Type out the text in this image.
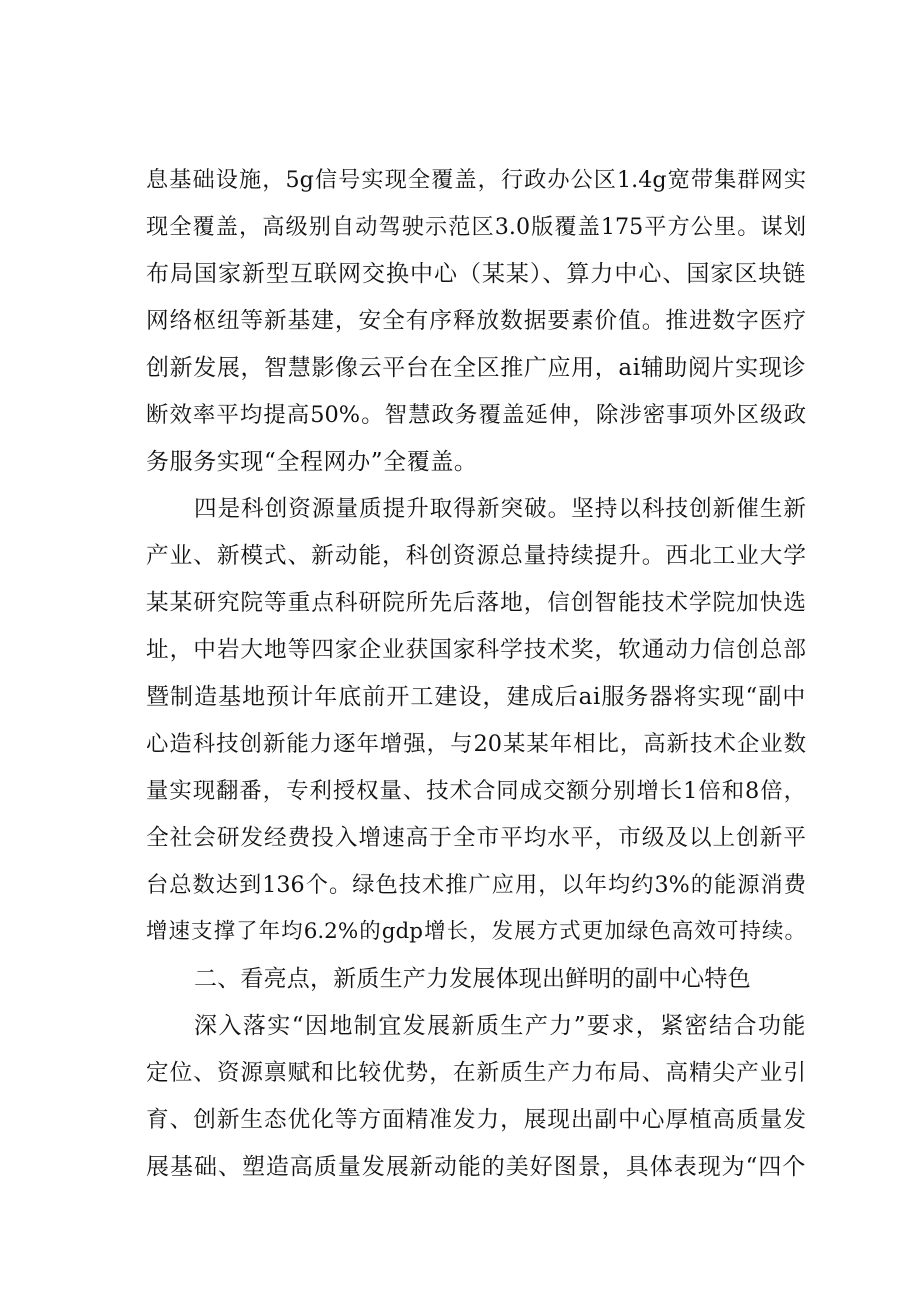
息基础设施，5g信号实现全覆盖，行政办公区1.4g宽带集群网实
现全覆盖，高级别自动驾驶示范区3.0版覆盖175平方公里。谋划
布局国家新型互联网交换中心（某某）、算力中心、国家区块链
网络枢纽等新基建，安全有序释放数据要素价值。推进数字医疗
创新发展，智慧影像云平台在全区推广应用，ai辅助阅片实现诊
断效率平均提高50%。智慧政务覆盖延伸，除涉密事项外区级政
务服务实现“全程网办”全覆盖。
四是科创资源量质提升取得新突破。坚持以科技创新催生新
产业、新模式、新动能，科创资源总量持续提升。西北工业大学
某某研究院等重点科研院所先后落地，信创智能技术学院加快选
址，中岩大地等四家企业获国家科学技术奖，软通动力信创总部
暨制造基地预计年底前开工建设，建成后ai服务器将实现“副中
心造科技创新能力逐年增强，与20某某年相比，高新技术企业数
量实现翻番，专利授权量、技术合同成交额分别增长1倍和8倍，
全社会研发经费投入增速高于全市平均水平，市级及以上创新平
台总数达到136个。绿色技术推广应用，以年均约3%的能源消费
增速支撑了年均6.2%的gdp增长，发展方式更加绿色高效可持续。
二、看亮点，新质生产力发展体现出鲜明的副中心特色
深入落实“因地制宜发展新质生产力”要求，紧密结合功能
定位、资源禀赋和比较优势，在新质生产力布局、高精尖产业引
育、创新生态优化等方面精准发力，展现出副中心厚植高质量发
展基础、塑造高质量发展新动能的美好图景，具体表现为“四个
